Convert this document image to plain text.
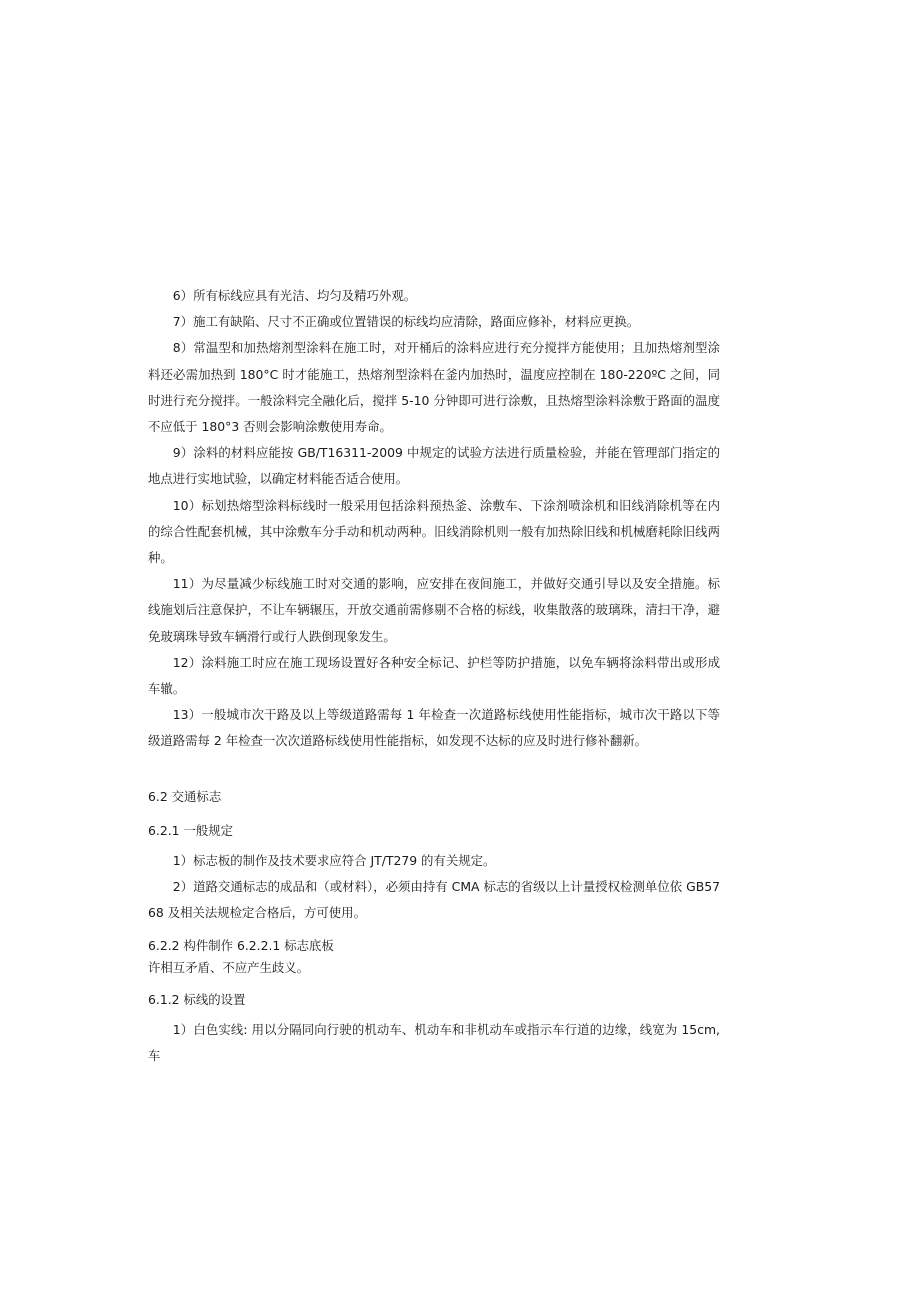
6）所有标线应具有光洁、均匀及精巧外观。

7）施工有缺陷、尺寸不正确或位置错误的标线均应清除，路面应修补，材料应更换。

8）常温型和加热熔剂型涂料在施工时，对开桶后的涂料应进行充分搅拌方能使用；且加热熔剂型涂料还必需加热到 180°C 时才能施工，热熔剂型涂料在釜内加热时，温度应控制在 180-220ºC 之间，同时进行充分搅拌。一般涂料完全融化后，搅拌 5-10 分钟即可进行涂敷，且热熔型涂料涂敷于路面的温度不应低于 180°3 否则会影响涂敷使用寿命。

9）涂料的材料应能按 GB/T16311-2009 中规定的试验方法进行质量检验，并能在管理部门指定的地点进行实地试验，以确定材料能否适合使用。

10）标划热熔型涂料标线时一般采用包括涂料预热釜、涂敷车、下涂剂喷涂机和旧线消除机等在内的综合性配套机械，其中涂敷车分手动和机动两种。旧线消除机则一般有加热除旧线和机械磨耗除旧线两种。

11）为尽量减少标线施工时对交通的影响，应安排在夜间施工，并做好交通引导以及安全措施。标线施划后注意保护，不让车辆辗压，开放交通前需修剔不合格的标线，收集散落的玻璃珠，清扫干净，避免玻璃珠导致车辆滑行或行人跌倒现象发生。

12）涂料施工时应在施工现场设置好各种安全标记、护栏等防护措施，以免车辆将涂料带出或形成车辙。

13）一般城市次干路及以上等级道路需每 1 年检查一次道路标线使用性能指标，城市次干路以下等级道路需每 2 年检查一次次道路标线使用性能指标，如发现不达标的应及时进行修补翻新。

6.2 交通标志

6.2.1 一般规定

1）标志板的制作及技术要求应符合 JT/T279 的有关规定。

2）道路交通标志的成品和（或材料），必须由持有 CMA 标志的省级以上计量授权检测单位依 GB5768 及相关法规检定合格后，方可使用。

6.2.2 构件制作 6.2.2.1 标志底板

许相互矛盾、不应产生歧义。

6.1.2 标线的设置

1）白色实线: 用以分隔同向行驶的机动车、机动车和非机动车或指示车行道的边缘，线宽为 15cm,车
